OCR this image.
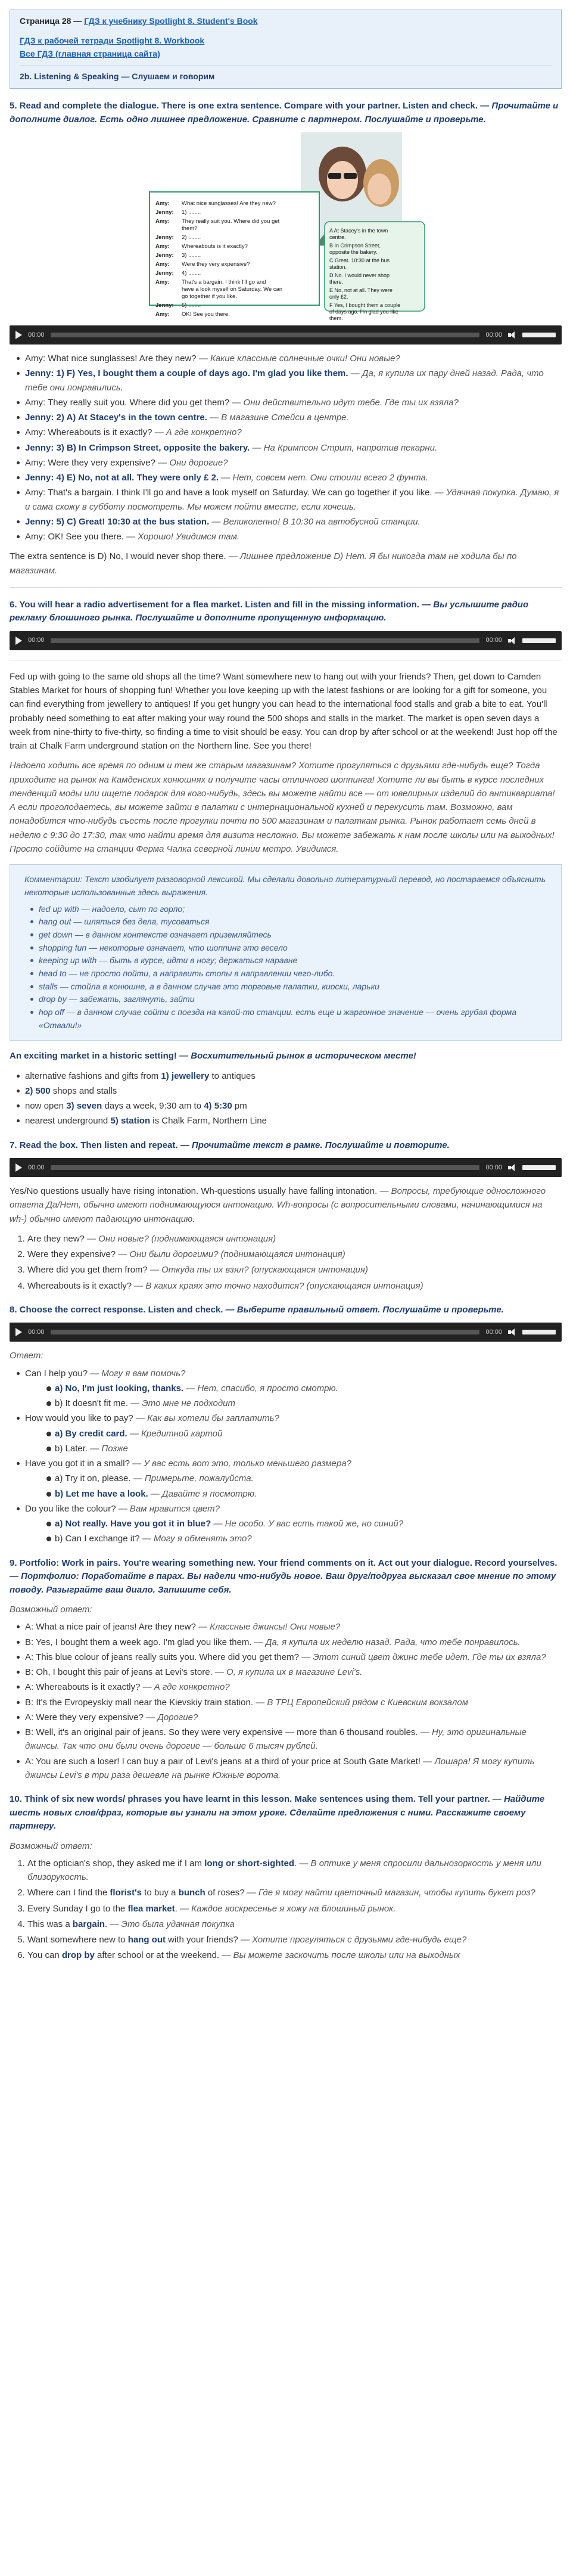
Страница 28 — ГДЗ к учебнику Spotlight 8. Student's Book
ГДЗ к рабочей тетради Spotlight 8. Workbook
Все ГДЗ (главная страница сайта)
2b. Listening & Speaking — Слушаем и говорим
5. Read and complete the dialogue. There is one extra sentence. Compare with your partner. Listen and check. — Прочитайте и дополните диалог. Есть одно лишнее предложение. Сравните с партнером. Послушайте и проверьте.
Amy: What nice sunglasses! Are they new?
Jenny: 1) ........
Amy: They really suit you. Where did you get
them?
Jenny: 2) ........
Amy: Whereabouts is it exactly?
Jenny: 3) ........
Amy: Were they very expensive?
Jenny: 4) ........
Amy: That's a bargain. I think I'll go and
have a look myself on Saturday. We can
go together if you like.
Jenny: 5) ........
Amy: OK! See you there.
A At Stacey's in the town
centre.
B In Crimpson Street,
opposite the bakery.
C Great. 10:30 at the bus
station.
D No. I would never shop
there.
E No, not at all. They were
only £2.
F Yes, I bought them a couple
of days ago. I'm glad you like
them.
00:00	00:00
Amy: What nice sunglasses! Are they new? — Какие классные солнечные очки! Они новые?
Jenny: 1) F) Yes, I bought them a couple of days ago. I'm glad you like them. — Да, я купила их пару дней назад. Рада, что тебе они понравились.
Amy: They really suit you. Where did you get them? — Они действительно идут тебе. Где ты их взяла?
Jenny: 2) A) At Stacey's in the town centre. — В магазине Стейси в центре.
Amy: Whereabouts is it exactly? — А где конкретно?
Jenny: 3) B) In Crimpson Street, opposite the bakery. — На Кримпсон Стрит, напротив пекарни.
Amy: Were they very expensive? — Они дорогие?
Jenny: 4) E) No, not at all. They were only £ 2. — Нет, совсем нет. Они стоили всего 2 фунта.
Amy: That's a bargain. I think I'll go and have a look myself on Saturday. We can go together if you like. — Удачная покупка. Думаю, я и сама схожу в субботу посмотреть. Мы можем пойти вместе, если хочешь.
Jenny: 5) C) Great! 10:30 at the bus station. — Великолепно! В 10:30 на автобусной станции.
Amy: OK! See you there. — Хорошо! Увидимся там.

The extra sentence is D) No, I would never shop there. — Лишнее предложение D) Нет. Я бы никогда там не ходила бы по магазинам.

6. You will hear a radio advertisement for a flea market. Listen and fill in the missing information. — Вы услышите радио рекламу блошиного рынка. Послушайте и дополните пропущенную информацию.
00:00	00:00

Fed up with going to the same old shops all the time? Want somewhere new to hang out with your friends? Then, get down to Camden Stables Market for hours of shopping fun! Whether you love keeping up with the latest fashions or are looking for a gift for someone, you can find everything from jewellery to antiques! If you get hungry you can head to the international food stalls and grab a bite to eat. You'll probably need something to eat after making your way round the 500 shops and stalls in the market. The market is open seven days a week from nine-thirty to five-thirty, so finding a time to visit should be easy. You can drop by after school or at the weekend! Just hop off the train at Chalk Farm underground station on the Northern line. See you there!

Надоело ходить все время по одним и тем же старым магазинам? Хотите прогуляться с друзьями где-нибудь еще? Тогда приходите на рынок на Камденских конюшнях и получите часы отличного шоппинга! Хотите ли вы быть в курсе последних тенденций моды или ищете подарок для кого-нибудь, здесь вы можете найти все — от ювелирных изделий до антиквариата! А если проголодаетесь, вы можете зайти в палатки с интернациональной кухней и перекусить там. Возможно, вам понадобится что-нибудь съесть после прогулки почти по 500 магазинам и палаткам рынка. Рынок работает семь дней в неделю с 9:30 до 17:30, так что найти время для визита несложно. Вы можете забежать к нам после школы или на выходных! Просто сойдите на станции Ферма Чалка северной линии метро. Увидимся.

Комментарии: Текст изобилует разговорной лексикой. Мы сделали довольно литературный перевод, но постараемся объяснить некоторые использованные здесь выражения.
fed up with — надоело, сыт по горло;
hang out — шляться без дела, тусоваться
get down — в данном контексте означает приземляйтесь
shopping fun — некоторые означает, что шоппинг это весело
keeping up with — быть в курсе, идти в ногу; держаться наравне
head to — не просто пойти, а направить стопы в направлении чего-либо.
stalls — стойла в конюшне, а в данном случае это торговые палатки, киоски, ларьки
drop by — забежать, заглянуть, зайти
hop off — в данном случае сойти с поезда на какой-то станции. есть еще и жаргонное значение — очень грубая форма «Отвали!»

An exciting market in a historic setting! — Восхитительный рынок в историческом месте!

alternative fashions and gifts from 1) jewellery to antiques
2) 500 shops and stalls
now open 3) seven days a week, 9:30 am to 4) 5:30 pm
nearest underground 5) station is Chalk Farm, Northern Line
7. Read the box. Then listen and repeat. — Прочитайте текст в рамке. Послушайте и повторите.
00:00	00:00

Yes/No questions usually have rising intonation. Wh-questions usually have falling intonation. — Вопросы, требующие односложного ответа Да/Нет, обычно имеют поднимающуюся интонацию. Wh-вопросы (с вопросительными словами, начинающимися на wh-) обычно имеют падающую интонацию.

1. Are they new? — Они новые? (поднимающаяся интонация)
2. Were they expensive? — Они были дорогими? (поднимающаяся интонация)
3. Where did you get them from? — Откуда ты их взял? (опускающаяся интонация)
4. Whereabouts is it exactly? — В каких краях это точно находится? (опускающаяся интонация)
8. Choose the correct response. Listen and check. — Выберите правильный ответ. Послушайте и проверьте.
00:00	00:00
Ответ:
Can I help you? — Могу я вам помочь?
a) No, I'm just looking, thanks. — Нет, спасибо, я просто смотрю.
b) It doesn't fit me. — Это мне не подходит
How would you like to pay? — Как вы хотели бы заплатить?
a) By credit card. — Кредитной картой
b) Later. — Позже
Have you got it in a small? — У вас есть вот это, только меньшего размера?
a) Try it on, please. — Примерьте, пожалуйста.
b) Let me have a look. — Давайте я посмотрю.
Do you like the colour? — Вам нравится цвет?
a) Not really. Have you got it in blue? — Не особо. У вас есть такой же, но синий?
b) Can I exchange it? — Могу я обменять это?
9. Portfolio: Work in pairs. You're wearing something new. Your friend comments on it. Act out your dialogue. Record yourselves. — Портфолио: Поработайте в парах. Вы надели что-нибудь новое. Ваш друг/подруга высказал свое мнение по этому поводу. Разыграйте ваш диало. Запишите себя.
Возможный ответ:
A: What a nice pair of jeans! Are they new? — Классные джинсы! Они новые?
B: Yes, I bought them a week ago. I'm glad you like them. — Да, я купила их неделю назад. Рада, что тебе понравилось.
A: This blue colour of jeans really suits you. Where did you get them? — Этот синий цвет джинс тебе идет. Где ты их взяла?
B: Oh, I bought this pair of jeans at Levi's store. — О, я купила их в магазине Levi's.
A: Whereabouts is it exactly? — А где конкретно?
B: It's the Evropeyskiy mall near the Kievskiy train station. — В ТРЦ Европейский рядом с Киевским вокзалом
A: Were they very expensive? — Дорогие?
B: Well, it's an original pair of jeans. So they were very expensive — more than 6 thousand roubles. — Ну, это оригинальные джинсы. Так что они были очень дорогие — больше 6 тысяч рублей.
A: You are such a loser! I can buy a pair of Levi's jeans at a third of your price at South Gate Market! — Лошара! Я могу купить джинсы Levi's в три раза дешевле на рынке Южные ворота.
10. Think of six new words/ phrases you have learnt in this lesson. Make sentences using them. Tell your partner. — Найдите шесть новых слов/фраз, которые вы узнали на этом уроке. Сделайте предложения с ними. Расскажите своему партнеру.
Возможный ответ:
1. At the optician's shop, they asked me if I am long or short-sighted. — В оптике у меня спросили дальнозоркость у меня или близорукость.
2. Where can I find the florist's to buy a bunch of roses? — Где я могу найти цветочный магазин, чтобы купить букет роз?
3. Every Sunday I go to the flea market. — Каждое воскресенье я хожу на блошиный рынок.
4. This was a bargain. — Это была удачная покупка
5. Want somewhere new to hang out with your friends? — Хотите прогуляться с друзьями где-нибудь еще?
6. You can drop by after school or at the weekend. — Вы можете заскочить после школы или на выходных
